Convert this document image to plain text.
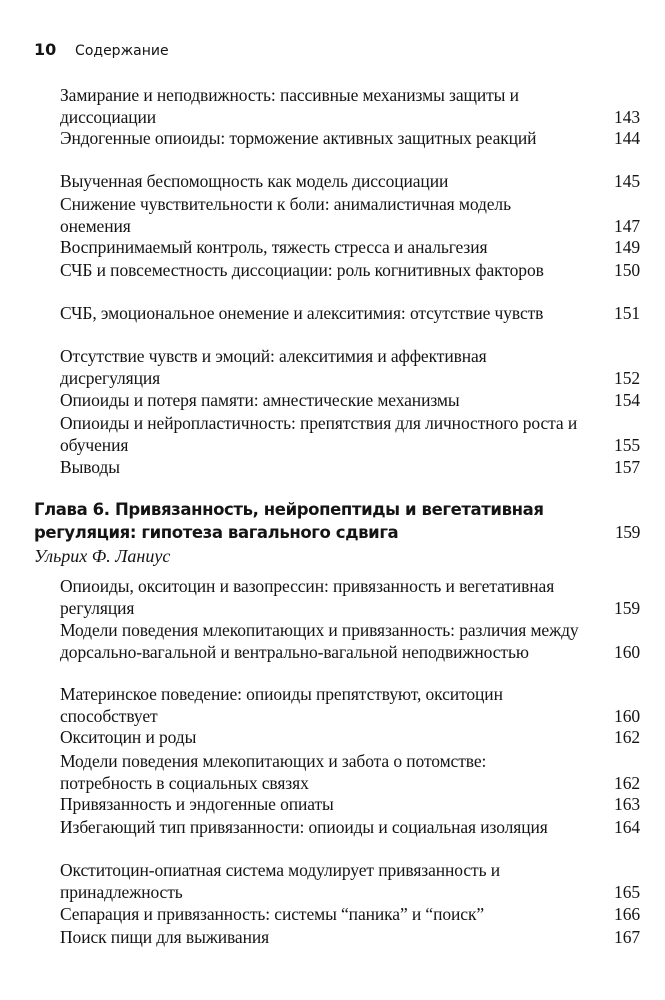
10 Содержание
Замирание и неподвижность: пассивные механизмы защиты и диссоциации	143
Эндогенные опиоиды: торможение активных защитных реакций	144
Выученная беспомощность как модель диссоциации	145
Снижение чувствительности к боли: анималистичная модель онемения	147
Воспринимаемый контроль, тяжесть стресса и анальгезия	149
СЧБ и повсеместность диссоциации: роль когнитивных факторов	150
СЧБ, эмоциональное онемение и алекситимия: отсутствие чувств	151
Отсутствие чувств и эмоций: алекситимия и аффективная дисрегуляция	152
Опиоиды и потеря памяти: амнестические механизмы	154
Опиоиды и нейропластичность: препятствия для личностного роста и обучения	155
Выводы	157
Глава 6. Привязанность, нейропептиды и вегетативная регуляция: гипотеза вагального сдвига	159
Ульрих Ф. Ланиус
Опиоиды, окситоцин и вазопрессин: привязанность и вегетативная регуляция	159
Модели поведения млекопитающих и привязанность: различия между дорсально-вагальной и вентрально-вагальной неподвижностью	160
Материнское поведение: опиоиды препятствуют, окситоцин способствует	160
Окситоцин и роды	162
Модели поведения млекопитающих и забота о потомстве: потребность в социальных связях	162
Привязанность и эндогенные опиаты	163
Избегающий тип привязанности: опиоиды и социальная изоляция	164
Окститоцин-опиатная система модулирует привязанность и принадлежность	165
Сепарация и привязанность: системы “паника” и “поиск”	166
Поиск пищи для выживания	167
